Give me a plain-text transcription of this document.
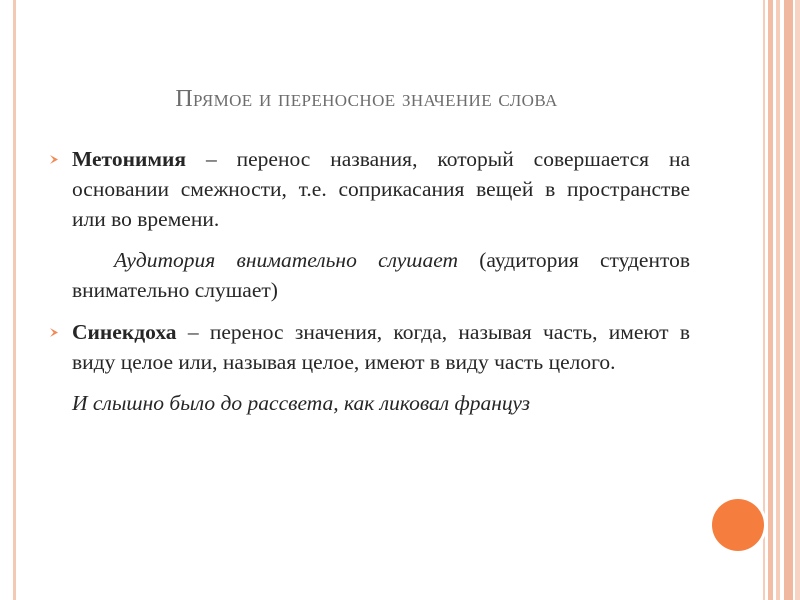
Прямое и переносное значение слова

Метонимия – перенос названия, который совершается на основании смежности, т.е. соприкасания вещей в пространстве или во времени.

Аудитория внимательно слушает (аудитория студентов внимательно слушает)

Синекдоха – перенос значения, когда, называя часть, имеют в виду целое или, называя целое, имеют в виду часть целого.

И слышно было до рассвета, как ликовал француз
